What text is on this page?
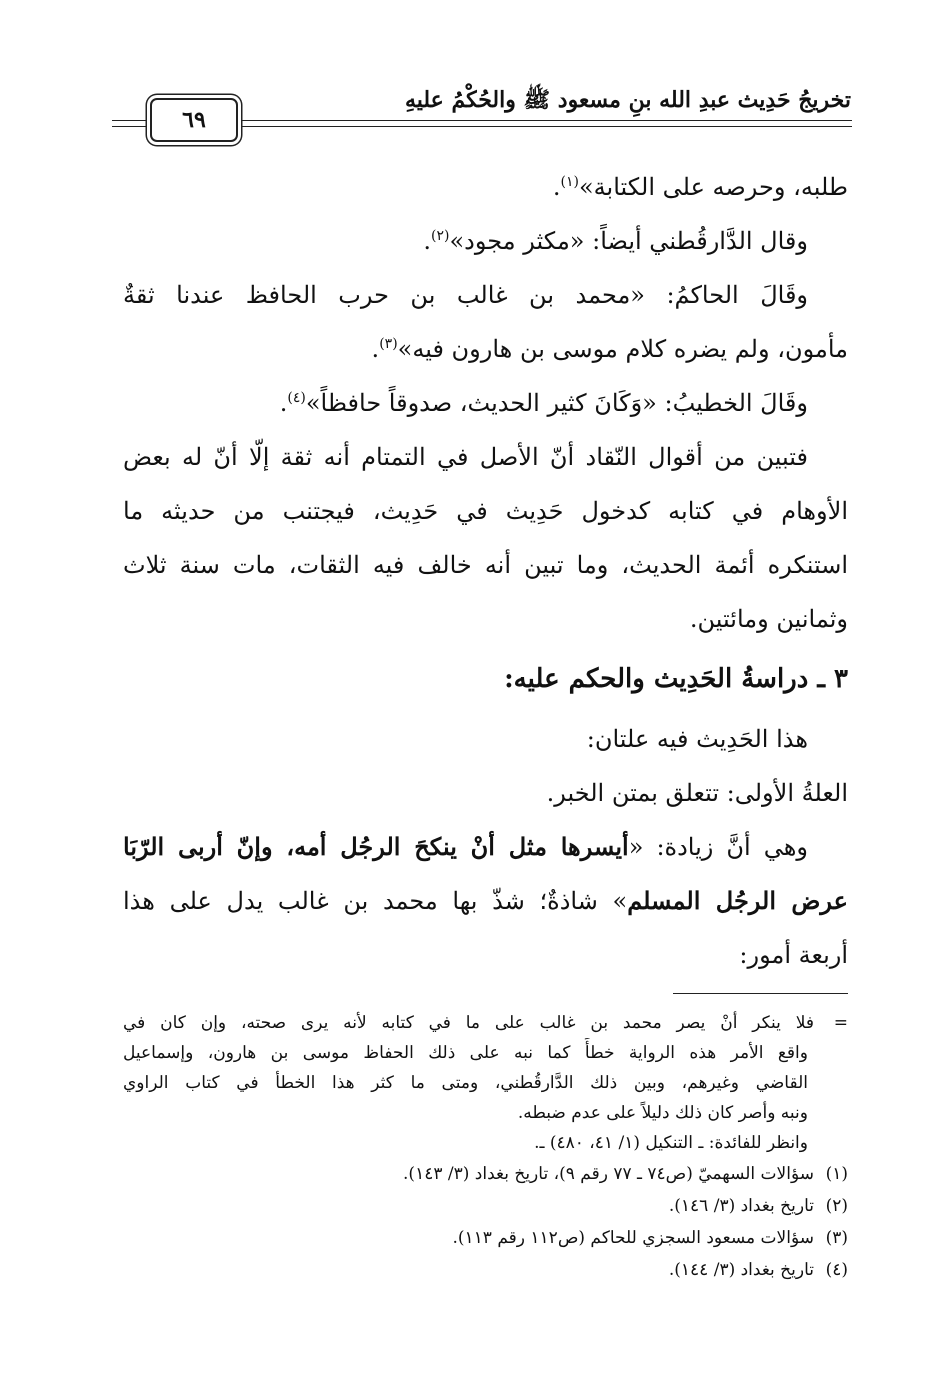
تخريجُ حَدِيث عبدِ الله بنِ مسعود ﷺ والحُكْمُ عليهِ
٦٩
طلبه، وحرصه على الكتابة»$^{(١)}$.
وقال الدَّارقُطني أيضاً: «مكثر مجود»$^{(٢)}$.
وقَالَ الحاكمُ: «محمد بن غالب بن حرب الحافظ عندنا ثقةٌ
مأمون، ولم يضره كلام موسى بن هارون فيه»$^{(٣)}$.
وقَالَ الخطيبُ: «وَكَانَ كثير الحديث، صدوقاً حافظاً»$^{(٤)}$.
فتبين من أقوال النّقاد أنّ الأصل في التمتام أنه ثقة إلّا أنّ له بعض
الأوهام في كتابه كدخول حَدِيث في حَدِيث، فيجتنب من حديثه ما
استنكره أئمة الحديث، وما تبين أنه خالف فيه الثقات، مات سنة ثلاث
وثمانين ومائتين.
٣ ـ دراسةُ الحَدِيث والحكم عليه:
هذا الحَدِيث فيه علتان:
العلةُ الأولى: تتعلق بمتن الخبر.
وهي أنَّ زيادة: «أيسرها مثل أنْ ينكحَ الرجُل أمه، وإنّ أربى الرّبَا
عرض الرجُل المسلم» شاذةٌ؛ شذّ بها محمد بن غالب يدل على هذا
أربعة أمور:
=فلا ينكر أنْ يصر محمد بن غالب على ما في كتابه لأنه يرى صحته، وإن كان في
واقع الأمر هذه الرواية خطأً كما نبه على ذلك الحفاظ موسى بن هارون، وإسماعيل
القاضي وغيرهم، وبين ذلك الدَّارقُطني، ومتى ما كثر هذا الخطأ في كتاب الراوي
ونبه وأصر كان ذلك دليلاً على عدم ضبطه.
وانظر للفائدة: ـ التنكيل (١/ ٤١، ٤٨٠) ـ.
(١)سؤالات السهميّ (ص٧٤ ـ ٧٧ رقم ٩)، تاريخ بغداد (٣/ ١٤٣).
(٢)تاريخ بغداد (٣/ ١٤٦).
(٣)سؤالات مسعود السجزي للحاكم (ص١١٢ رقم ١١٣).
(٤)تاريخ بغداد (٣/ ١٤٤).
